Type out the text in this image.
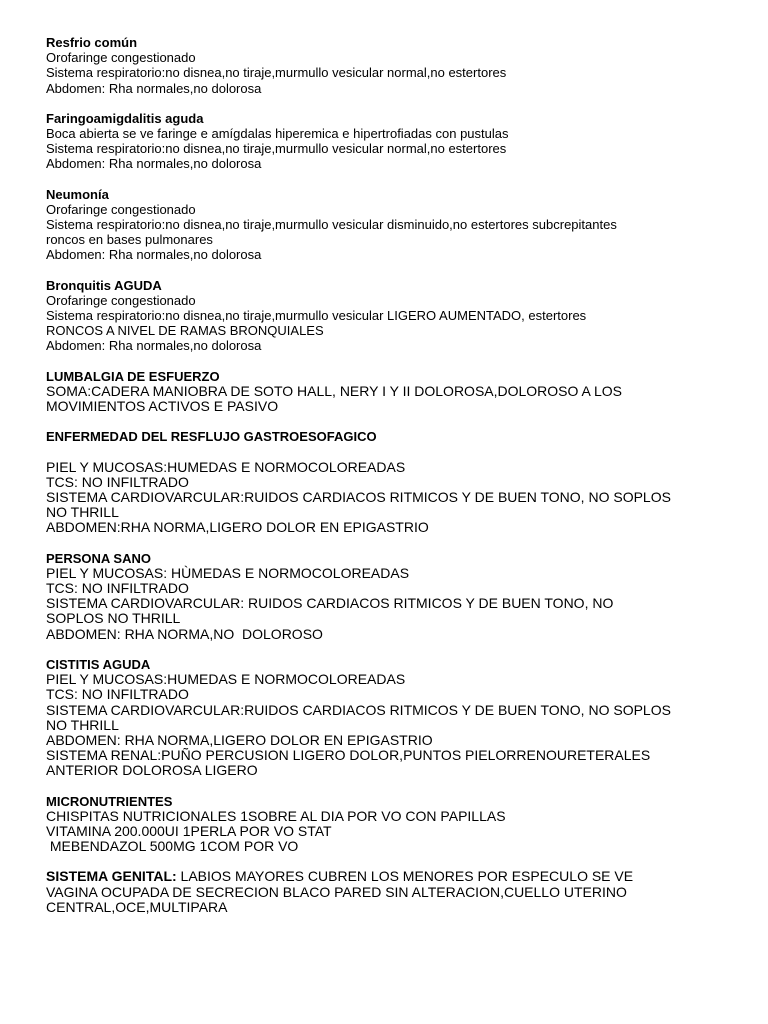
Resfrio común

Orofaringe congestionado

Sistema respiratorio:no disnea,no tiraje,murmullo vesicular normal,no estertores

Abdomen: Rha normales,no dolorosa

Faringoamigdalitis aguda

Boca abierta se ve faringe e amígdalas hiperemica e hipertrofiadas con pustulas

Sistema respiratorio:no disnea,no tiraje,murmullo vesicular normal,no estertores

Abdomen: Rha normales,no dolorosa

Neumonía

Orofaringe congestionado

Sistema respiratorio:no disnea,no tiraje,murmullo vesicular disminuido,no estertores subcrepitantes

roncos en bases pulmonares

Abdomen: Rha normales,no dolorosa

Bronquitis AGUDA

Orofaringe congestionado

Sistema respiratorio:no disnea,no tiraje,murmullo vesicular LIGERO AUMENTADO, estertores

RONCOS A NIVEL DE RAMAS BRONQUIALES

Abdomen: Rha normales,no dolorosa

LUMBALGIA DE ESFUERZO

SOMA:CADERA MANIOBRA DE SOTO HALL, NERY I Y II DOLOROSA,DOLOROSO A LOS

MOVIMIENTOS ACTIVOS E PASIVO

ENFERMEDAD DEL RESFLUJO GASTROESOFAGICO

PIEL Y MUCOSAS:HUMEDAS E NORMOCOLOREADAS

TCS: NO INFILTRADO

SISTEMA CARDIOVARCULAR:RUIDOS CARDIACOS RITMICOS Y DE BUEN TONO, NO SOPLOS

NO THRILL

ABDOMEN:RHA NORMA,LIGERO DOLOR EN EPIGASTRIO

PERSONA SANO

PIEL Y MUCOSAS: HÙMEDAS E NORMOCOLOREADAS

TCS: NO INFILTRADO

SISTEMA CARDIOVARCULAR: RUIDOS CARDIACOS RITMICOS Y DE BUEN TONO, NO

SOPLOS NO THRILL

ABDOMEN: RHA NORMA,NO  DOLOROSO

CISTITIS AGUDA

PIEL Y MUCOSAS:HUMEDAS E NORMOCOLOREADAS

TCS: NO INFILTRADO

SISTEMA CARDIOVARCULAR:RUIDOS CARDIACOS RITMICOS Y DE BUEN TONO, NO SOPLOS

NO THRILL

ABDOMEN: RHA NORMA,LIGERO DOLOR EN EPIGASTRIO

SISTEMA RENAL:PUÑO PERCUSION LIGERO DOLOR,PUNTOS PIELORRENOURETERALES

ANTERIOR DOLOROSA LIGERO

MICRONUTRIENTES

CHISPITAS NUTRICIONALES 1SOBRE AL DIA POR VO CON PAPILLAS

VITAMINA 200.000UI 1PERLA POR VO STAT

MEBENDAZOL 500MG 1COM POR VO

SISTEMA GENITAL: LABIOS MAYORES CUBREN LOS MENORES POR ESPECULO SE VE

VAGINA OCUPADA DE SECRECION BLACO PARED SIN ALTERACION,CUELLO UTERINO

CENTRAL,OCE,MULTIPARA
